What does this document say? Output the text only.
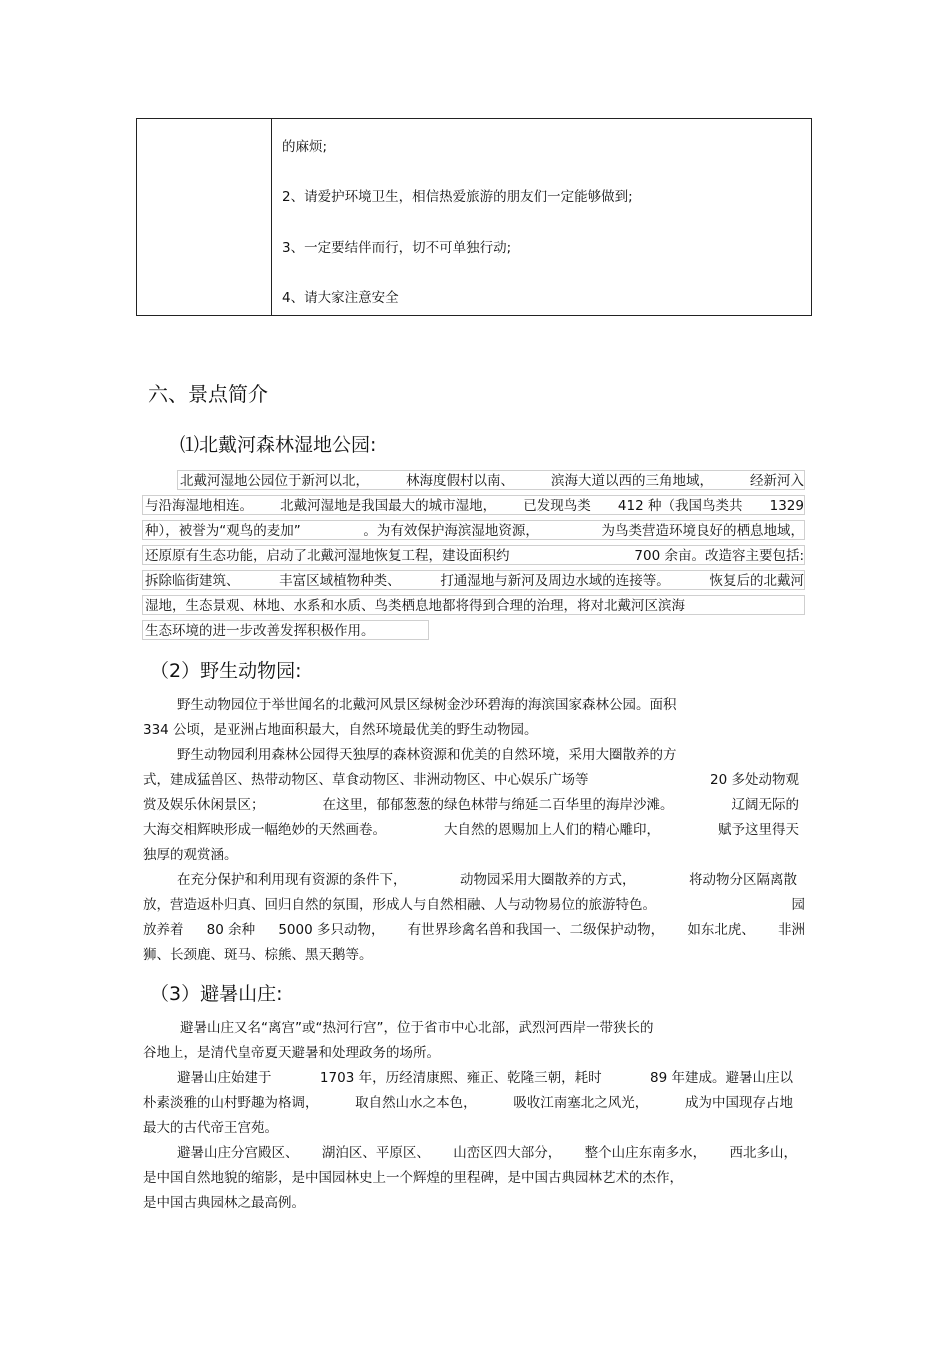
的麻烦;
2、请爱护环境卫生，相信热爱旅游的朋友们一定能够做到;
3、一定要结伴而行，切不可单独行动;
4、请大家注意安全
六、景点简介
⑴北戴河森林湿地公园:
（2）野生动物园:
（3）避暑山庄:
北戴河湿地公园位于新河以北，	林海度假村以南、	滨海大道以西的三角地域，	经新河入
与沿海湿地相连。 北戴河湿地是我国最大的城市湿地， 已发现鸟类 412 种（我国鸟类共 1329
种），被誉为“观鸟的麦加”	。为有效保护海滨湿地资源，	为鸟类营造环境良好的栖息地域，
还原原有生态功能，启动了北戴河湿地恢复工程，建设面积约	700 余亩。改造容主要包括:
拆除临街建筑、	丰富区域植物种类、	打通湿地与新河及周边水域的连接等。	恢复后的北戴河
湿地，生态景观、林地、水系和水质、鸟类栖息地都将得到合理的治理，将对北戴河区滨海
生态环境的进一步改善发挥积极作用。
野生动物园位于举世闻名的北戴河风景区绿树金沙环碧海的海滨国家森林公园。面积
334 公顷，是亚洲占地面积最大，自然环境最优美的野生动物园。
野生动物园利用森林公园得天独厚的森林资源和优美的自然环境，采用大圈散养的方
式，建成猛兽区、热带动物区、草食动物区、非洲动物区、中心娱乐广场等	20 多处动物观
赏及娱乐休闲景区；	在这里，郁郁葱葱的绿色林带与绵延二百华里的海岸沙滩。	辽阔无际的
大海交相辉映形成一幅绝妙的天然画卷。	大自然的恩赐加上人们的精心雕印，	赋予这里得天
独厚的观赏涵。
在充分保护和利用现有资源的条件下，	动物园采用大圈散养的方式，	将动物分区隔离散
放，营造返朴归真、回归自然的氛围，形成人与自然相融、人与动物易位的旅游特色。	园
放养着 80 余种 5000 多只动物， 有世界珍禽名兽和我国一、二级保护动物， 如东北虎、 非洲
狮、长颈鹿、斑马、棕熊、黑天鹅等。
避暑山庄又名“离宫”或“热河行宫”，位于省市中心北部，武烈河西岸一带狭长的
谷地上，是清代皇帝夏天避暑和处理政务的场所。
避暑山庄始建于	1703 年，历经清康熙、雍正、乾隆三朝，耗时	89 年建成。避暑山庄以
朴素淡雅的山村野趣为格调，	取自然山水之本色，	吸收江南塞北之风光，	成为中国现存占地
最大的古代帝王宫苑。
避暑山庄分宫殿区、 湖泊区、平原区、 山峦区四大部分， 整个山庄东南多水， 西北多山，
是中国自然地貌的缩影，是中国园林史上一个辉煌的里程碑，是中国古典园林艺术的杰作，
是中国古典园林之最高例。
